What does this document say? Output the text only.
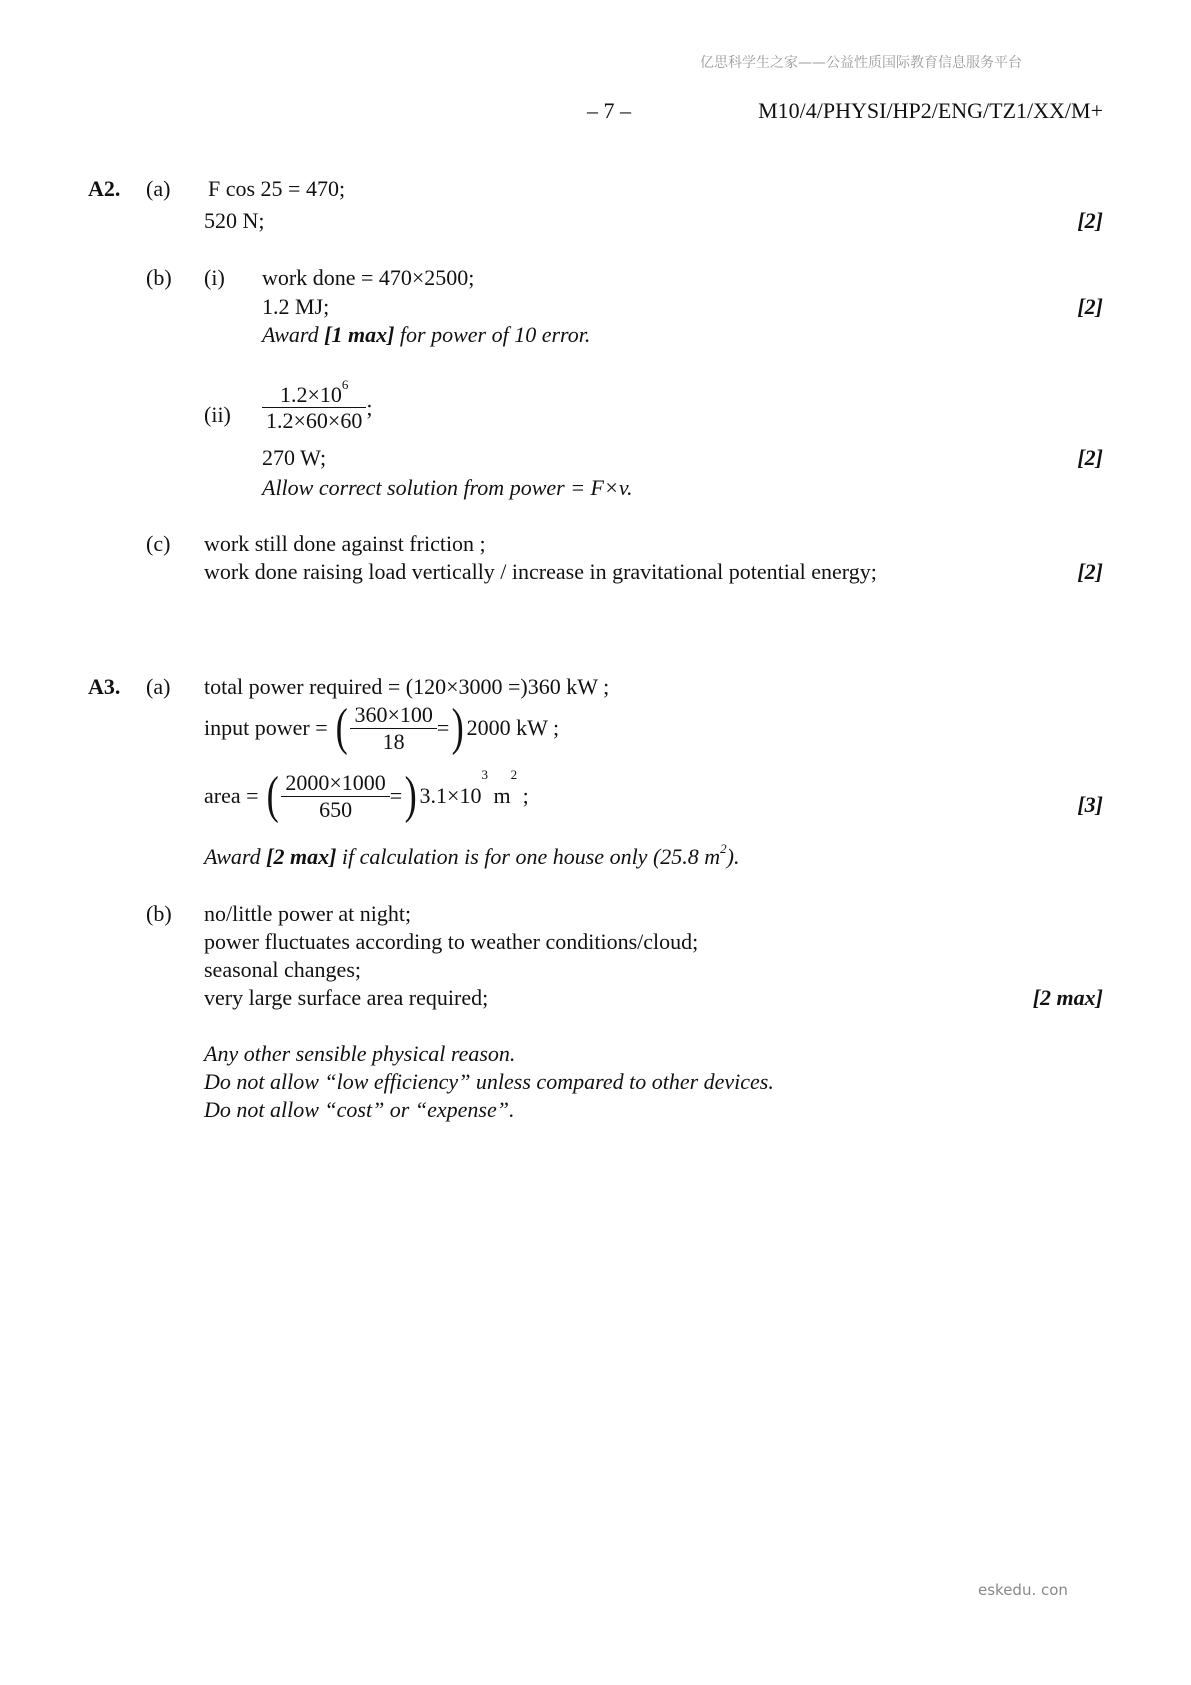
亿思科学生之家——公益性质国际教育信息服务平台
– 7 –	M10/4/PHYSI/HP2/ENG/TZ1/XX/M+
A2. (a) F cos 25 = 470;
520 N;	[2]
(b) (i) work done = 470×2500;
1.2 MJ;	[2]
Award [1 max] for power of 10 error.
$(ii) \frac{1.2\times 10^6}{1.2\times 60\times 60}$ ;
270 W;	[2]
Allow correct solution from power = F×v.
(c) work still done against friction ;
work done raising load vertically / increase in gravitational potential energy;	[2]
A3. (a) total power required = (120×3000 =)360 kW ;
input power = ( $\frac{360\times 100}{18}$ =) 2000 kW ;
area = ( $\frac{2000\times 1000}{650}$ =) $3.1\times 10^3$ $m^2$ ;	[3]
Award [2 max] if calculation is for one house only (25.8 $m^2$).
(b) no/little power at night;
power fluctuates according to weather conditions/cloud;
seasonal changes;
very large surface area required;	[2 max]
Any other sensible physical reason.
Do not allow “low efficiency” unless compared to other devices.
Do not allow “cost” or “expense”.
eskedu. con
